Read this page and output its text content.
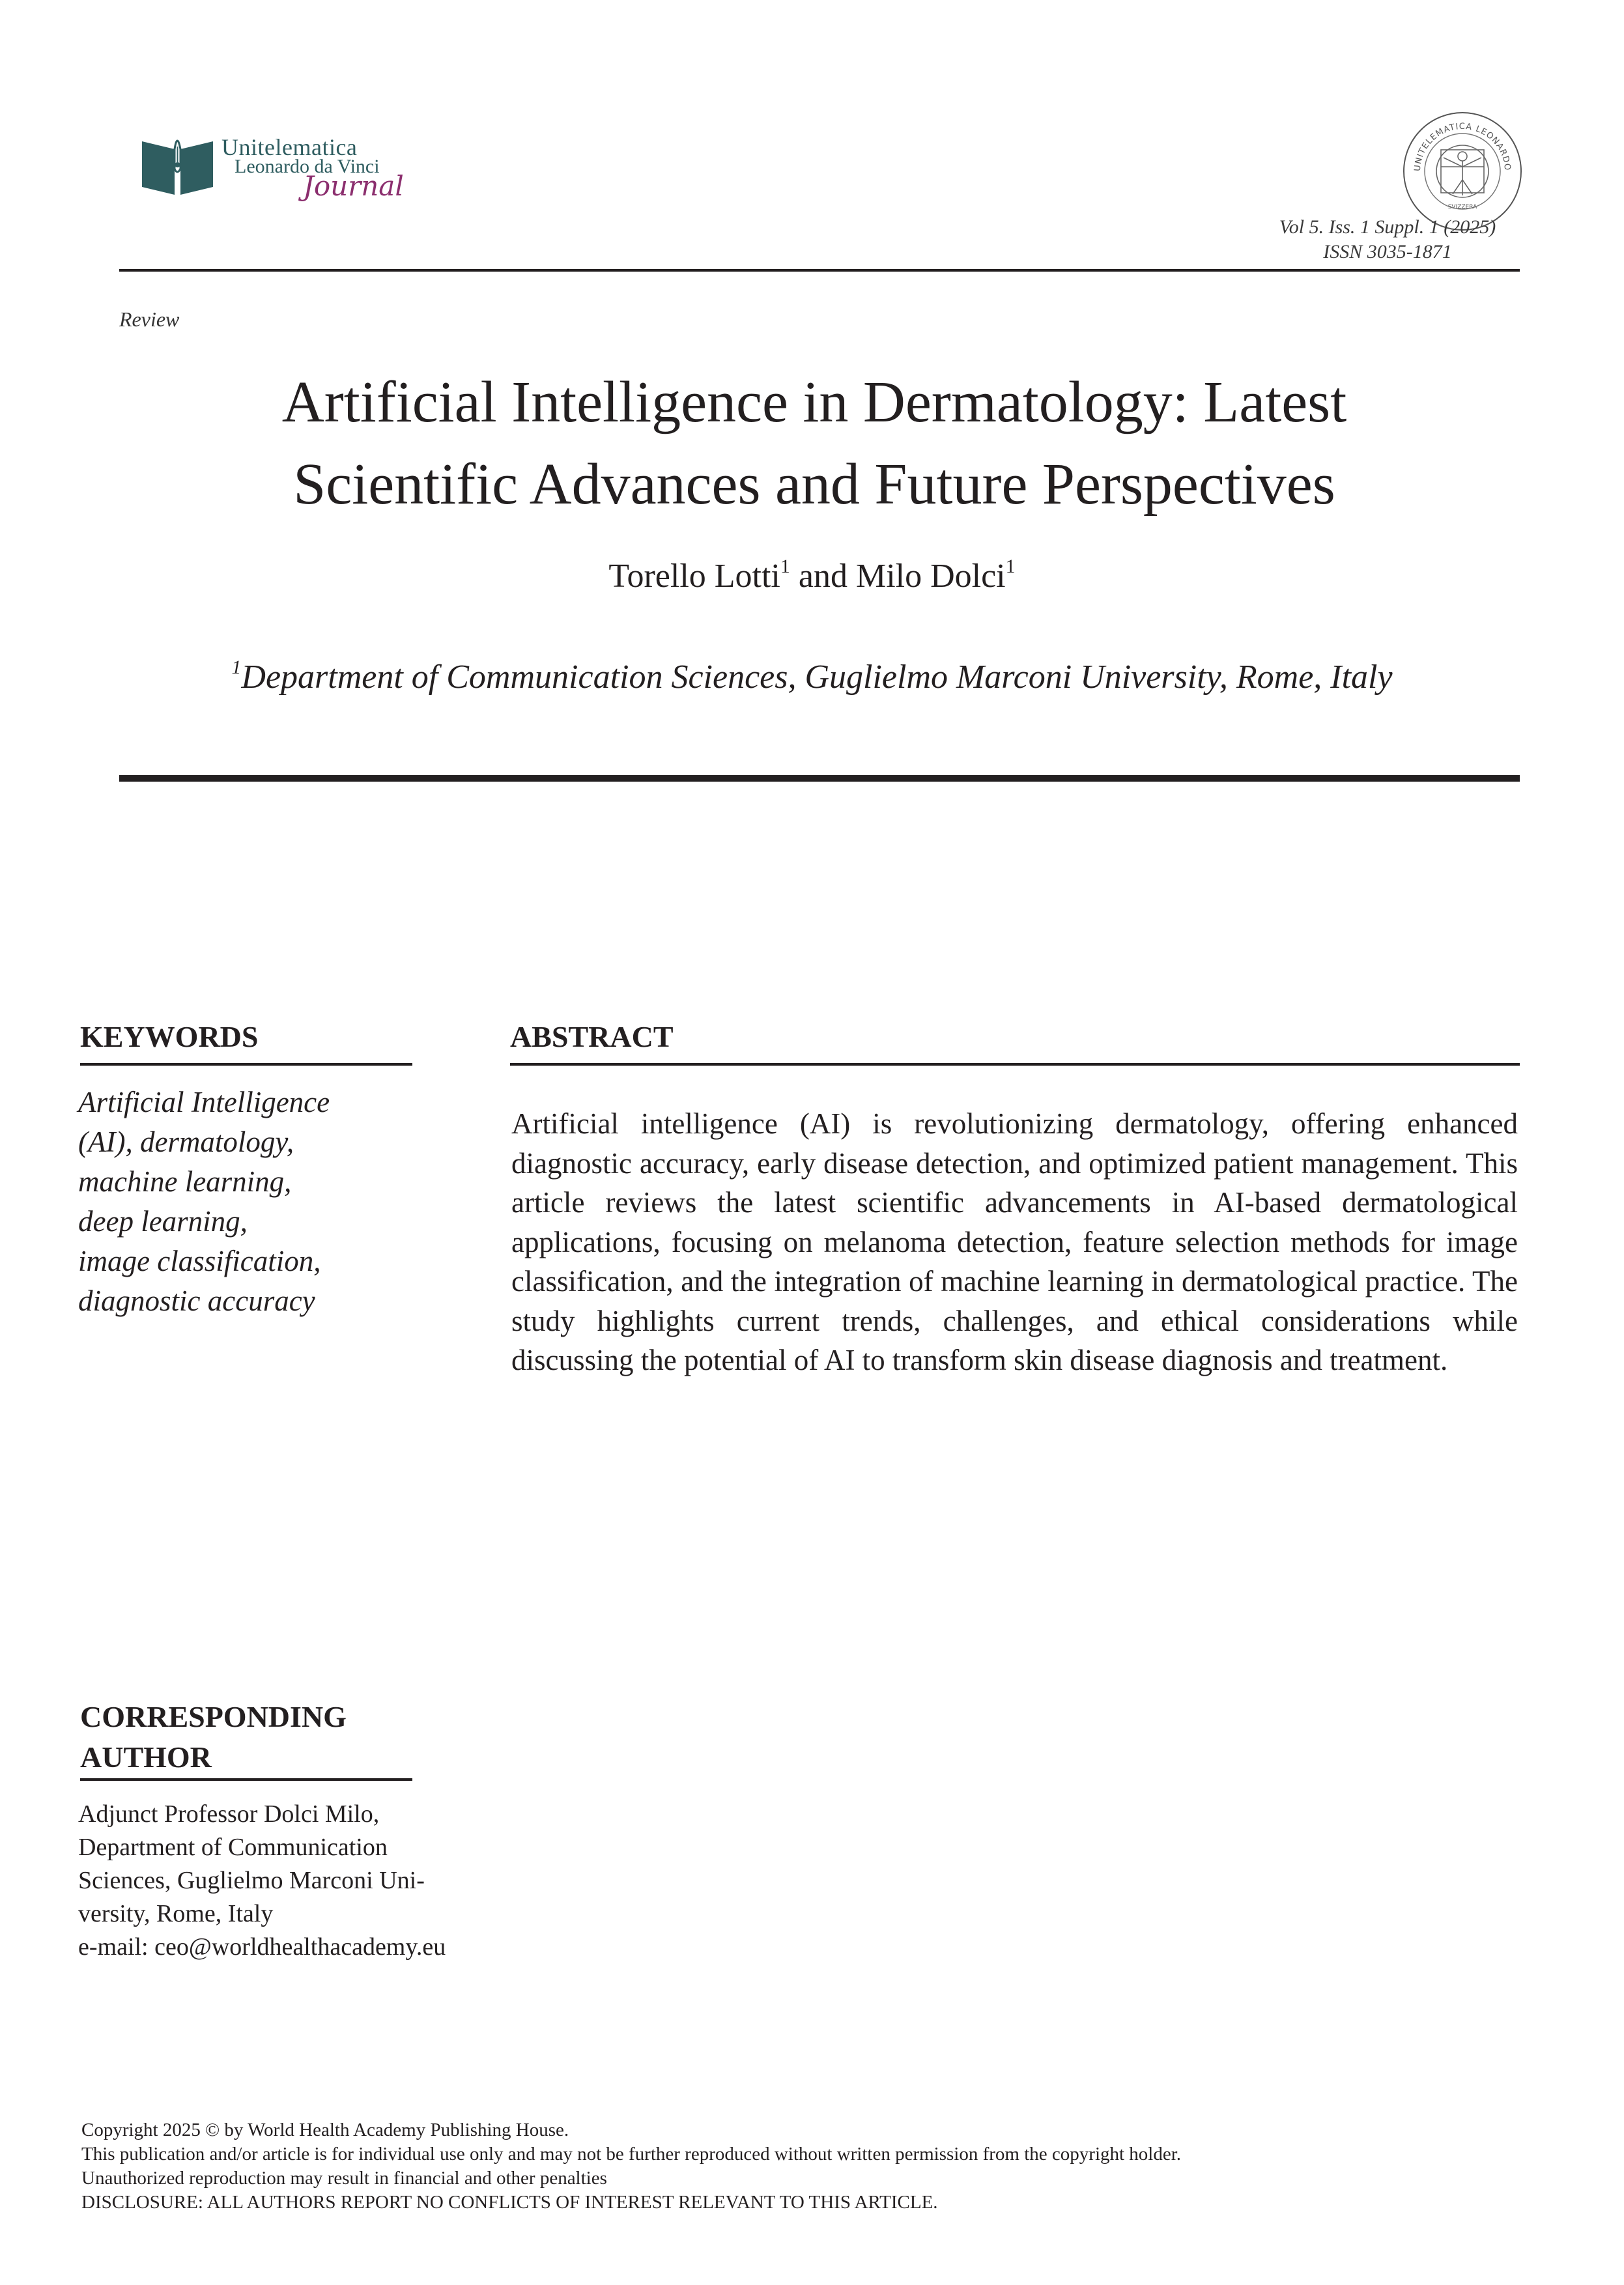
Unitelematica
Leonardo da Vinci
Journal
UNITELEMATICA LEONARDO
SVIZZERA
Vol 5. Iss. 1 Suppl. 1 (2025)
ISSN 3035-1871
Review
Artificial Intelligence in Dermatology: Latest
Scientific Advances and Future Perspectives
Torello Lotti$^1$ and Milo Dolci$^1$
$^1$Department of Communication Sciences, Guglielmo Marconi University, Rome, Italy
KEYWORDS
Artificial Intelligence
(AI), dermatology,
machine learning,
deep learning,
image classification,
diagnostic accuracy
ABSTRACT
Artificial intelligence (AI) is revolutionizing dermatology, offering enhanced diagnostic accuracy, early disease detection, and optimized patient management. This article reviews the latest scientific advancements in AI-based dermatological applications, focusing on melanoma detection, feature selection methods for image classification, and the integration of machine learning in dermatological practice. The study highlights current trends, challenges, and ethical considerations while discussing the potential of AI to transform skin disease diagnosis and treatment.
CORRESPONDING
AUTHOR
Adjunct Professor Dolci Milo,
Department of Communication
Sciences, Guglielmo Marconi Uni-
versity, Rome, Italy
e-mail: ceo@worldhealthacademy.eu
Copyright 2025 © by World Health Academy Publishing House.
This publication and/or article is for individual use only and may not be further reproduced without written permission from the copyright holder.
Unauthorized reproduction may result in financial and other penalties
DISCLOSURE: ALL AUTHORS REPORT NO CONFLICTS OF INTEREST RELEVANT TO THIS ARTICLE.
